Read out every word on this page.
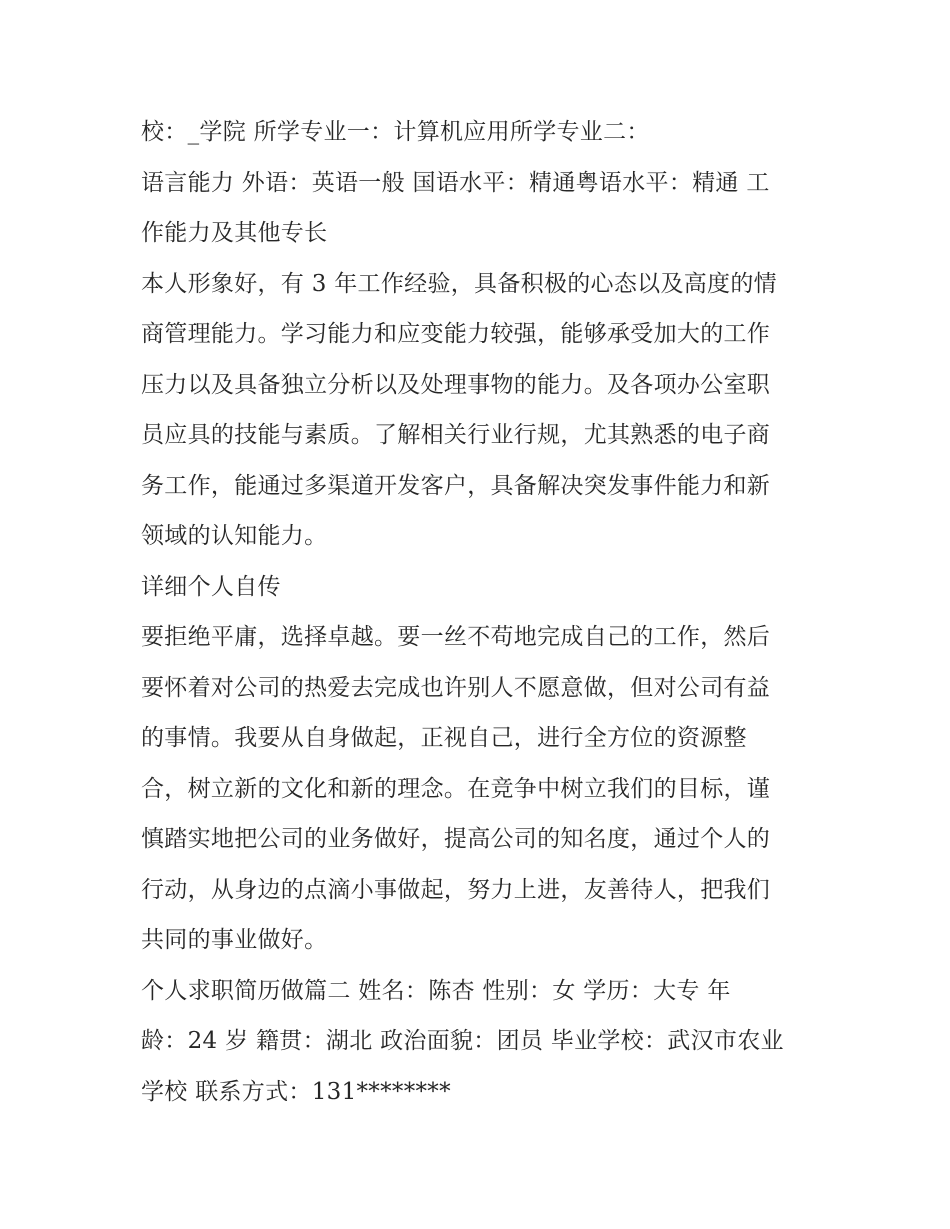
校：_学院 所学专业一：计算机应用所学专业二：
语言能力 外语：英语一般 国语水平：精通粤语水平：精通 工
作能力及其他专长
本人形象好，有 3 年工作经验，具备积极的心态以及高度的情
商管理能力。学习能力和应变能力较强，能够承受加大的工作
压力以及具备独立分析以及处理事物的能力。及各项办公室职
员应具的技能与素质。了解相关行业行规，尤其熟悉的电子商
务工作，能通过多渠道开发客户，具备解决突发事件能力和新
领域的认知能力。
详细个人自传
要拒绝平庸，选择卓越。要一丝不苟地完成自己的工作，然后
要怀着对公司的热爱去完成也许别人不愿意做，但对公司有益
的事情。我要从自身做起，正视自己，进行全方位的资源整
合，树立新的文化和新的理念。在竞争中树立我们的目标，谨
慎踏实地把公司的业务做好，提高公司的知名度，通过个人的
行动，从身边的点滴小事做起，努力上进，友善待人，把我们
共同的事业做好。
个人求职简历做篇二 姓名：陈杏 性别：女 学历：大专 年
龄：24 岁 籍贯：湖北 政治面貌：团员 毕业学校：武汉市农业
学校 联系方式：131********
